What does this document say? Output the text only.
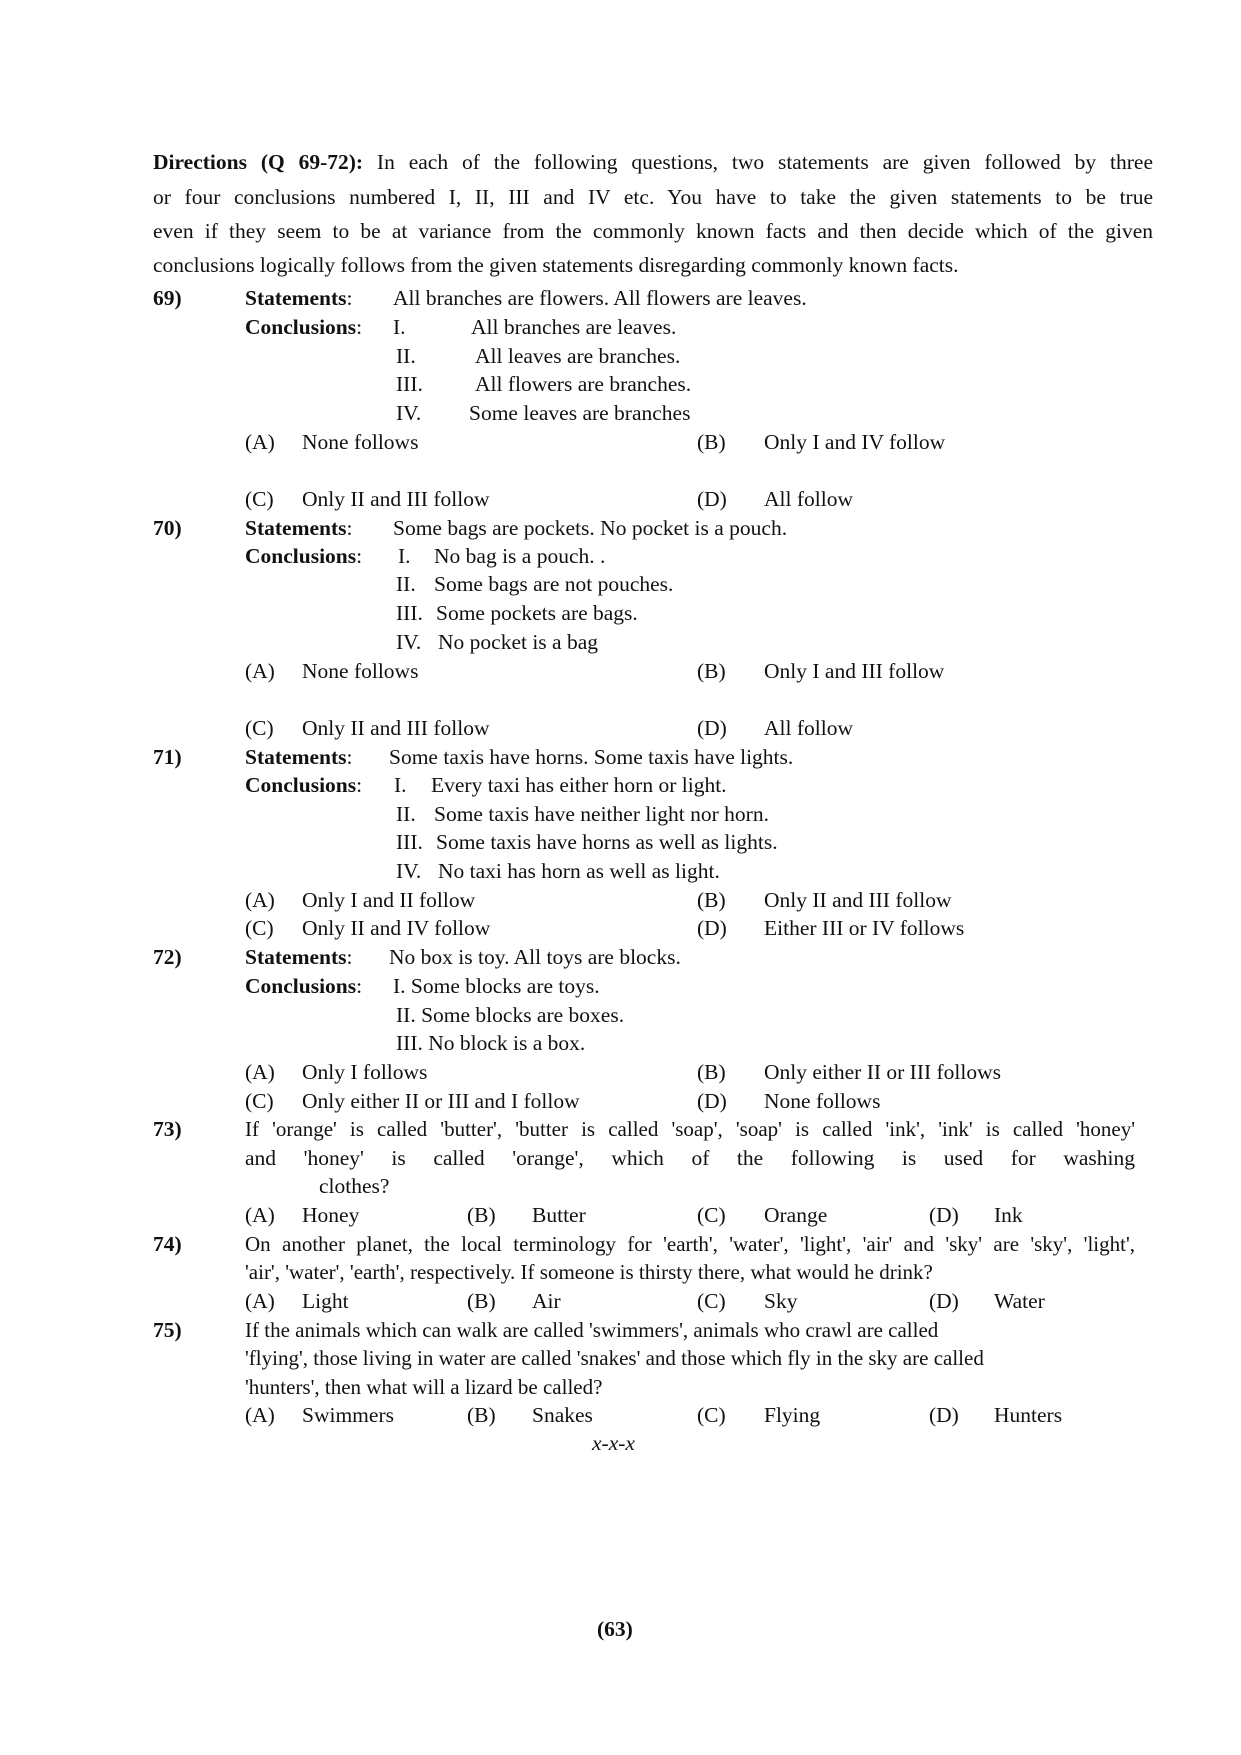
Directions (Q 69-72): In each of the following questions, two statements are given followed by three
or four conclusions numbered I, II, III and IV etc. You have to take the given statements to be true
even if they seem to be at variance from the commonly known facts and then decide which of the given
conclusions logically follows from the given statements disregarding commonly known facts.
69)	Statements: All branches are flowers. All flowers are leaves.
Conclusions: I.	All branches are leaves.
II.	All leaves are branches.
III. All flowers are branches.
IV. Some leaves are branches
(A) None follows	(B) Only I and IV follow
(C) Only II and III follow	(D) All follow
70)	Statements: Some bags are pockets. No pocket is a pouch.
Conclusions: I. No bag is a pouch. .
II. Some bags are not pouches.
III. Some pockets are bags.
IV. No pocket is a bag
(A) None follows	(B) Only I and III follow
(C) Only II and III follow	(D) All follow
71)	Statements: Some taxis have horns. Some taxis have lights.
Conclusions: I. Every taxi has either horn or light.
II. Some taxis have neither light nor horn.
III. Some taxis have horns as well as lights.
IV. No taxi has horn as well as light.
(A) Only I and II follow	(B) Only II and III follow
(C) Only II and IV follow	(D) Either III or IV follows
72)	Statements: No box is toy. All toys are blocks.
Conclusions: I. Some blocks are toys.
II. Some blocks are boxes.
III. No block is a box.
(A) Only I follows	(B) Only either II or III follows
(C) Only either II or III and I follow	(D) None follows
73)	If 'orange' is called 'butter', 'butter is called 'soap', 'soap' is called 'ink', 'ink' is called 'honey'
and 'honey' is called 'orange', which of the following is used for washing
clothes?
(A) Honey	(B) Butter	(C) Orange	(D) Ink
74)	On another planet, the local terminology for 'earth', 'water', 'light', 'air' and 'sky' are 'sky', 'light',
'air', 'water', 'earth', respectively. If someone is thirsty there, what would he drink?
(A) Light	(B) Air	(C) Sky	(D) Water
75)	If the animals which can walk are called 'swimmers', animals who crawl are called
'flying', those living in water are called 'snakes' and those which fly in the sky are called
'hunters', then what will a lizard be called?
(A) Swimmers	(B) Snakes	(C) Flying	(D) Hunters
x-x-x
(63)
